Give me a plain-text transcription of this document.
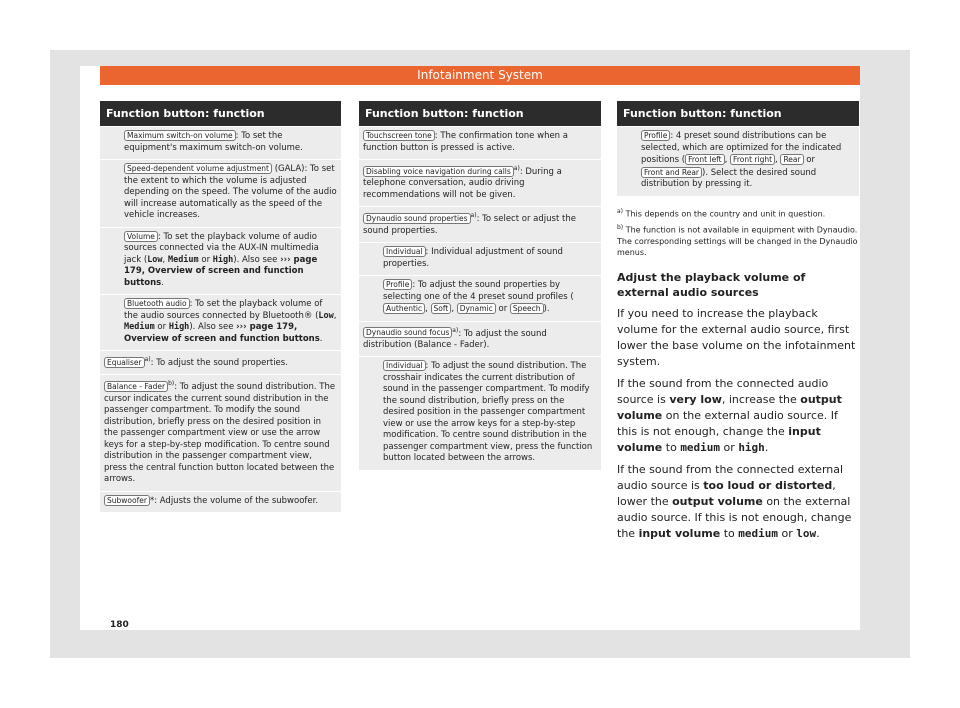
Infotainment System
Function button: function
Maximum switch-on volume : To set the equipment's maximum switch-on volume.
Speed-dependent volume adjustment (GALA): To set the extent to which the volume is adjusted depending on the speed. The volume of the audio will increase automatically as the speed of the vehicle increases.
Volume : To set the playback volume of audio sources connected via the AUX-IN multimedia jack (Low, Medium or High). Also see ››› page 179, Overview of screen and function buttons.
Bluetooth audio : To set the playback volume of the audio sources connected by Bluetooth® (Low, Medium or High). Also see ››› page 179, Overview of screen and function buttons.
Equaliser $^{a)}$: To adjust the sound properties.
Balance - Fader $^{b)}$: To adjust the sound distribution. The cursor indicates the current sound distribution in the passenger compartment. To modify the sound distribution, briefly press on the desired position in the passenger compartment view or use the arrow keys for a step-by-step modification. To centre sound distribution in the passenger compartment view, press the central function button located between the arrows.
Subwoofer *: Adjusts the volume of the subwoofer.
Function button: function
Touchscreen tone : The confirmation tone when a function button is pressed is active.
Disabling voice navigation during calls $^{a)}$: During a telephone conversation, audio driving recommendations will not be given.
Dynaudio sound properties $^{a)}$: To select or adjust the sound properties.
Individual : Individual adjustment of sound properties.
Profile : To adjust the sound properties by selecting one of the 4 preset sound profiles (Authentic , Soft , Dynamic or Speech ).
Dynaudio sound focus $^{a)}$: To adjust the sound distribution (Balance - Fader).
Individual : To adjust the sound distribution. The crosshair indicates the current distribution of sound in the passenger compartment. To modify the sound distribution, briefly press on the desired position in the passenger compartment view or use the arrow keys for a step-by-step modification. To centre sound distribution in the passenger compartment view, press the function button located between the arrows.
Function button: function
Profile : 4 preset sound distributions can be selected, which are optimized for the indicated positions ( Front left , Front right , Rear or Front and Rear ). Select the desired sound distribution by pressing it.
$^{a)}$ This depends on the country and unit in question.
$^{b)}$ The function is not available in equipment with Dynaudio. The corresponding settings will be changed in the Dynaudio menus.
Adjust the playback volume of external audio sources
If you need to increase the playback volume for the external audio source, first lower the base volume on the infotainment system.
If the sound from the connected audio source is very low, increase the output volume on the external audio source. If this is not enough, change the input volume to medium or high.
If the sound from the connected external audio source is too loud or distorted, lower the output volume on the external audio source. If this is not enough, change the input volume to medium or low.
180
